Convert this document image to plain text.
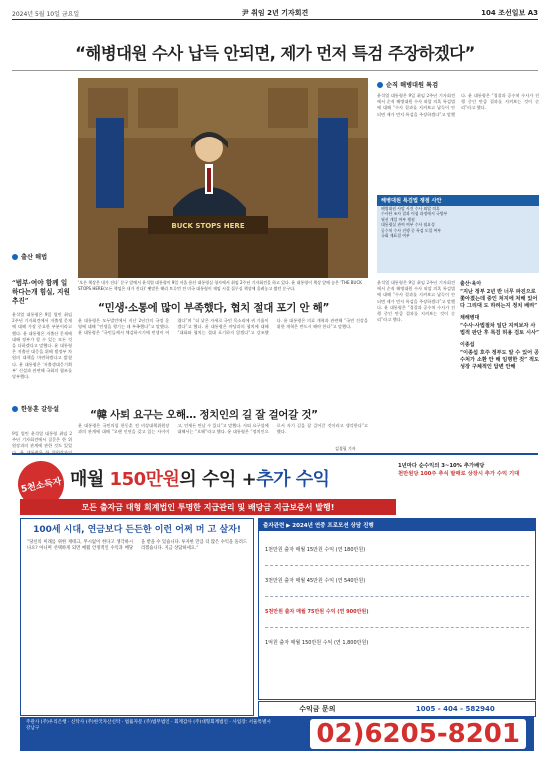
2024년 5월 10일 금요일	尹 취임 2년 기자회견	104 조선일보 A3
“해병대원 수사 납득 안되면, 제가 먼저 특검 주장하겠다”
BUCK STOPS HERE
‘오른 책상은 내가 진다’ 문구 앞에서 윤석열 대통령이 9일 서울 용산 대통령실 청사에서 취임 2주년 기자회견을 하고 있다. 윤 대통령이 책상 앞에 놓은 ‘THE BUCK STOPS HERE(모든 책임은 내가 진다)’ 팻말은 해리 트루먼 전 미국 대통령이 재임 시절 집무실 책상에 올려놓고 썼던 문구다.
출산 해법
“범부·여야 함께 일하다는개 힘실, 지원 추진”
윤석열 대통령은 9일 열린 취임 2주년 기자회견에서 저출생 문제에 대해 가장 중요한 부분이라고 했다. 윤 대통령은 저출산 문제에 대해 정부가 할 수 있는 모든 것을 다하겠다고 말했다. 윤 대통령은 저출산 대응을 위해 범정부 차원의 대책을 마련하겠다고 밝혔다. 윤 대통령은 ‘저출생대응기획부’ 신설과 관련해 국회의 협조를 당부했다.
한동훈 갈등설
9일 열린 윤석열 대통령 취임 2주년 기자회견에서 질문은 한 위원장과의 관계에 관한 것도 있었
“민생·소통에 많이 부족했다, 협치 절대 포기 안 해”
윤 대통령은 모두발언에서 지난 2년간의 국정 운영에 대해 “민생을 챙기는 데 부족했다”고 말했다. 윤 대통령은 “국민들께서 체감하시기에 민생이 어렵다”며 “더 낮은 자세로 국민 목소리에 귀 기울이겠다”고 했다. 윤 대통령은 야당과의 협치에 대해 “대화와 협치는 절대 포기하지 않겠다”고 강조했다. 윤 대통령은 의료 개혁과 관련해 “국민 건강을 위한 개혁은 반드시 해야 한다”고 말했다.
“韓 사퇴 요구는 오해… 정치인의 길 잘 걸어갈 것”
윤 대통령은 국민의힘 한동훈 전 비상대책위원장과의 관계에 대해 “오랜 인연을 갖고 있는 사이이고, 언제든 만날 수 있다”고 말했다. 사퇴 요구설에 대해서는 “오해”라고 했다. 윤 대통령은 “정치인으로서 자기 길을 잘 걸어갈 것이라고 생각한다”고 했다.
김경필 기자
순직 해병대원 특검
윤석열 대통령은 9일 취임 2주년 기자회견에서 순직 해병대원 수사 외압 의혹 특검법에 대해 “수사 결과를 지켜보고 납득이 안 되면 제가 먼저 특검을 주장하겠다”고 말했다. 윤 대통령은 “경찰과 공수처 수사가 진행 중인 만큼 결과를 지켜보는 것이 순리”라고 했다.
해병대원 특검법 쟁점 사안
해병대원 사망 사건 수사 외압 의혹
수사단 조사 결과 이첩 과정에서 국방부
윗선 개입 여부 쟁점
대통령실 관여 여부 수사 필요성
공수처 수사 진행 중 특검 도입 여부
국회 재표결 여부
출산·육아
“지난 정부 2년 반 너무 파진으로 쫓아졌는데 중인 처지에 처해 있어 다 그리대 도 하려는지 정치 배려”
채해병대
“수사·사법절차 일단 지켜보자 사법적 판단 후 특검 허용 검토 시사”
이종섭
“이종섭 호주 정부도 알 수 있어 공수처가 소환 안 해 임명한 것” 적도 성장 구체적인 답변 안해
윤석열 대통령은 9일 취임 2주년 기자회견에서 순직 해병대원 수사 외압 의혹 특검법에 대해 “수사 결과를 지켜보고 납득이 안 되면 제가 먼저 특검을 주장하겠다”고 말했다. 윤 대통령은 “경찰과 공수처 수사가 진행 중인 만큼 결과를 지켜보는 것이 순리”라고 했다.
5천소득자 매월 150만원의 수익 +추가 수익
1년마다 순수익의 3~10% 추가배당
천만원당 100주 추식 발매로 상장시 추가 수익 기대
모든 출자금 대형 회계법인 투명한 지급관리 및 배당금 지급보증서 발행!
100세 시대, 연금보다 든든한 이런 어쩌 머 고 살자!
“당신의 미래를 위한 재테크, 무시없이 한다고 생각하시나요? 아니며 선택하게 되면 매월 안정적인 수익과 배당을 받을 수 있습니다. 투자한 만큼 더 많은 수익을 돌려드리겠습니다. 지금 상담하세요.”
출자관련 ▶ 2024년 연중 프로모션 상담 진행
1천만원 출자 매월 15만원 수익 (연 180만원)
3천만원 출자 매월 45만원 수익 (연 540만원)
5천만원 출자 매월 75만원 수익 (연 900만원)
1억원 출자 매월 150만원 수익 (연 1,800만원)
수익금 문의	1005 - 404 - 582940
주관사 (주)우리은행 · 신탁사 (주)한국자산신탁 · 법률자문 (주)법무법인 · 회계감사 (주)대형회계법인 · 사업장: 서울특별시 강남구	02)6205-8201
